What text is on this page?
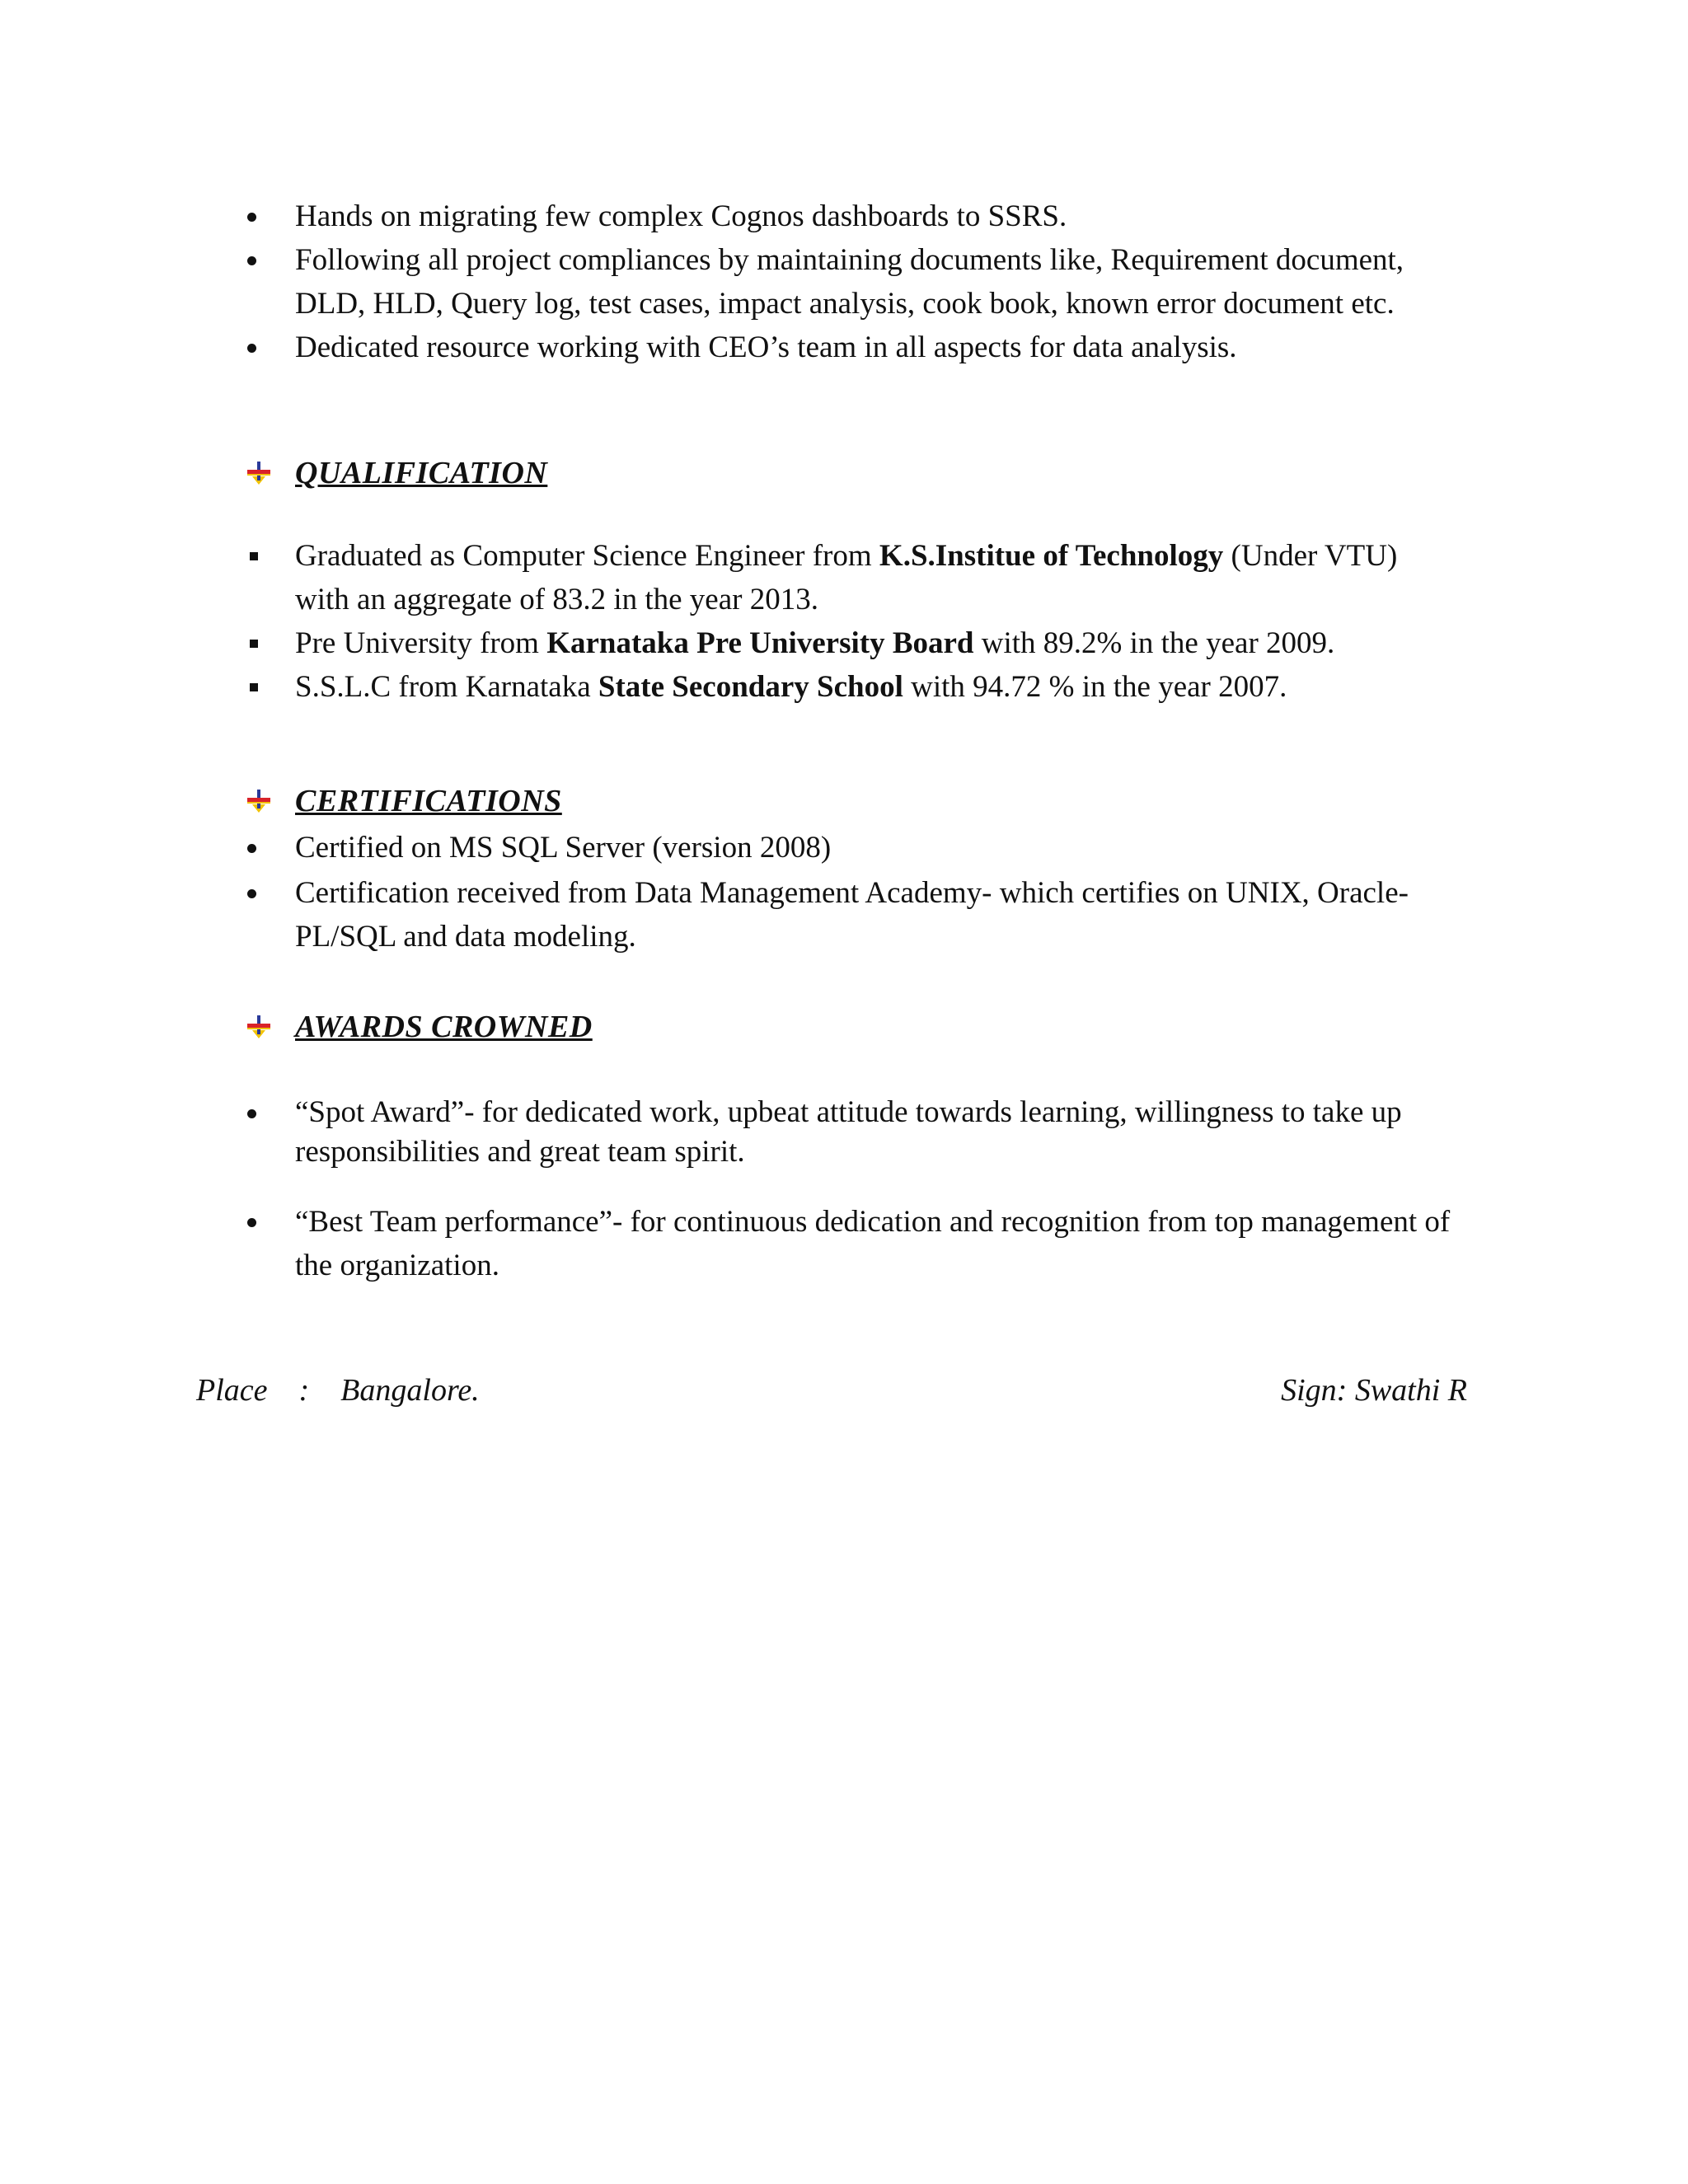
Hands on migrating few complex Cognos dashboards to SSRS.
Following all project compliances by maintaining documents like, Requirement document, DLD, HLD, Query log, test cases, impact analysis, cook book, known error document etc.
Dedicated resource working with CEO’s team in all aspects for data analysis.
QUALIFICATION
Graduated as Computer Science Engineer from K.S.Institue of Technology (Under VTU) with an aggregate of 83.2 in the year 2013.
Pre University from Karnataka Pre University Board with 89.2% in the year 2009.
S.S.L.C from Karnataka State Secondary School with 94.72 % in the year 2007.
CERTIFICATIONS
Certified on MS SQL Server (version 2008)
Certification received from Data Management Academy- which certifies on UNIX, Oracle-PL/SQL and data modeling.
AWARDS CROWNED
“Spot Award”- for dedicated work, upbeat attitude towards learning, willingness to take up responsibilities and great team spirit.
“Best Team performance”- for continuous dedication and recognition from top management of the organization.
Place : Bangalore.	Sign: Swathi R
